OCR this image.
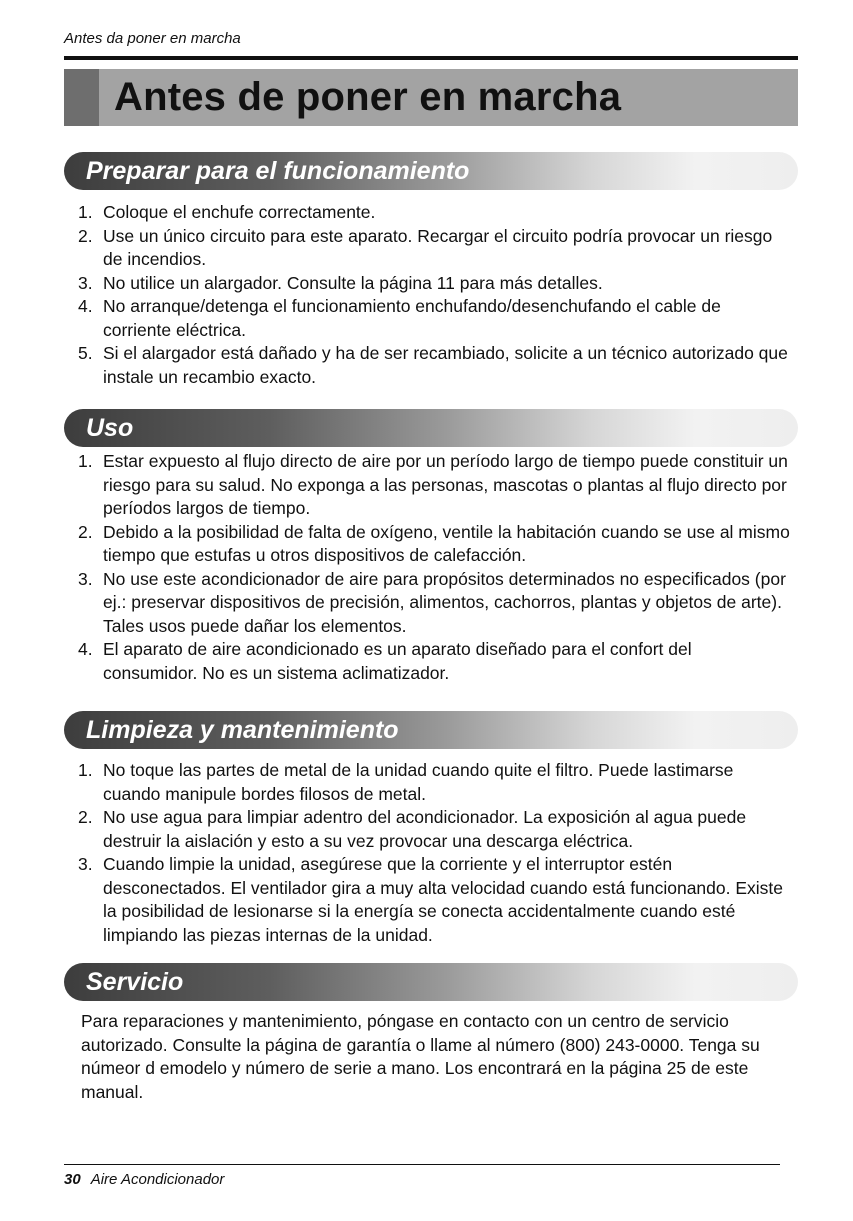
Antes da poner en marcha
Antes de poner en marcha
Preparar para el funcionamiento
1. Coloque el enchufe correctamente.
2. Use un único circuito para este aparato. Recargar el circuito podría provocar un riesgo de incendios.
3. No utilice un alargador. Consulte la página 11 para más detalles.
4. No arranque/detenga el funcionamiento enchufando/desenchufando el cable de corriente eléctrica.
5. Si el alargador está dañado y ha de ser recambiado, solicite a un técnico autorizado que instale un recambio exacto.
Uso
1. Estar expuesto al flujo directo de aire por un período largo de tiempo puede constituir un riesgo para su salud. No exponga a las personas, mascotas o plantas al flujo directo por períodos largos de tiempo.
2. Debido a la posibilidad de falta de oxígeno, ventile la habitación cuando se use al mismo tiempo que estufas u otros dispositivos de calefacción.
3. No use este acondicionador de aire para propósitos determinados no especificados (por ej.: preservar dispositivos de precisión, alimentos, cachorros, plantas y objetos de arte). Tales usos puede dañar los elementos.
4. El aparato de aire acondicionado es un aparato diseñado para el confort del consumidor. No es un sistema aclimatizador.
Limpieza y mantenimiento
1. No toque las partes de metal de la unidad cuando quite el filtro. Puede lastimarse cuando manipule bordes filosos de metal.
2. No use agua para limpiar adentro del acondicionador. La exposición al agua puede destruir la aislación y esto a su vez provocar una descarga eléctrica.
3. Cuando limpie la unidad, asegúrese que la corriente y el interruptor estén desconectados. El ventilador gira a muy alta velocidad cuando está funcionando. Existe la posibilidad de lesionarse si la energía se conecta accidentalmente cuando esté limpiando las piezas internas de la unidad.
Servicio

Para reparaciones y mantenimiento, póngase en contacto con un centro de servicio autorizado. Consulte la página de garantía o llame al número (800) 243-0000. Tenga su númeor d emodelo y número de serie a mano. Los encontrará en la página 25 de este manual.

30 Aire Acondicionador
